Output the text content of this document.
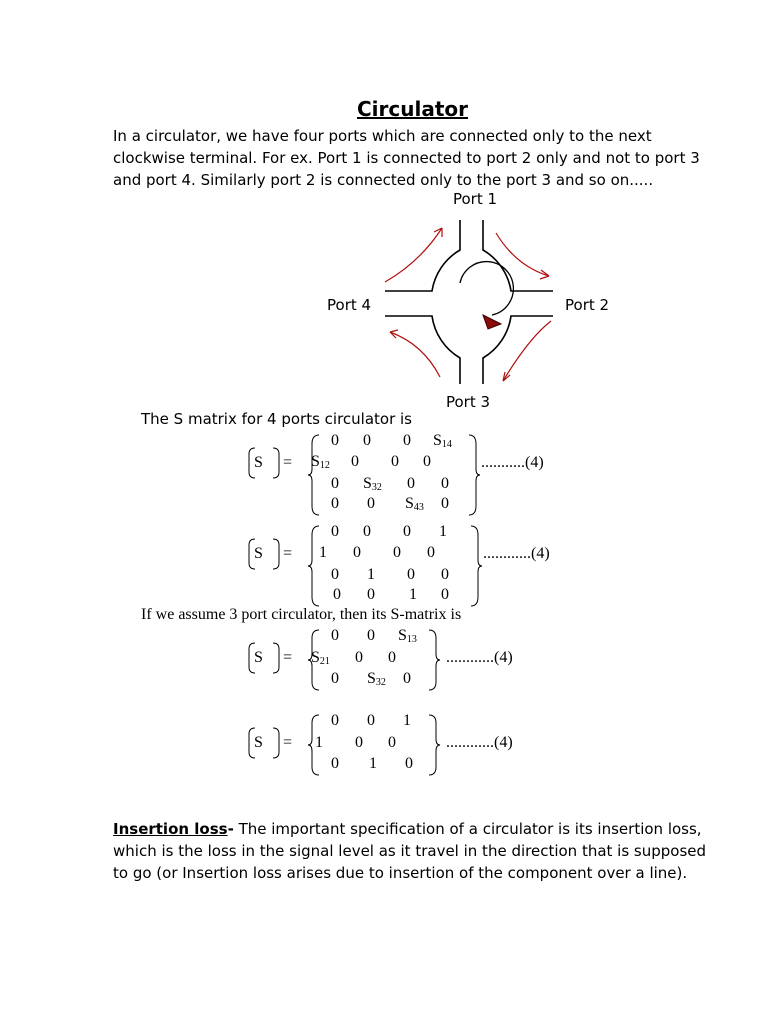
Circulator
In a circulator, we have four ports which are connected only to the next clockwise terminal. For ex. Port 1 is connected to port 2 only and not to port 3 and port 4. Similarly port 2 is connected only to the port 3 and so on.....
Port 1
Port 2
Port 3
Port 4
The S matrix for 4 ports circulator is
S =
0 0 0 $S_{14}$
$S_{12}$ 0 0 0
0 $S_{32}$ 0 0
0 0 $S_{43}$ 0
...........(4)
S =
0 0 0 1
1 0 0 0
0 1 0 0
0 0 1 0
............(4)
If we assume 3 port circulator, then its S-matrix is
S =
0 0 $S_{13}$
$S_{21}$ 0 0
0 $S_{32}$ 0
............(4)
S =
0 0 1
1 0 0
0 1 0
............(4)
Insertion loss- The important specification of a circulator is its insertion loss, which is the loss in the signal level as it travel in the direction that is supposed to go (or Insertion loss arises due to insertion of the component over a line).
